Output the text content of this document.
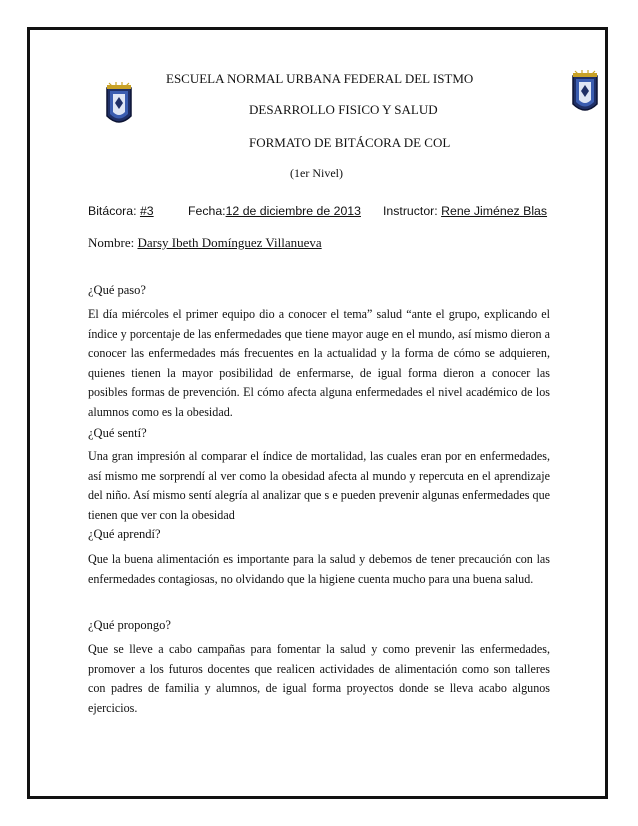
ESCUELA NORMAL URBANA FEDERAL DEL ISTMO
DESARROLLO FISICO Y SALUD
FORMATO DE BITÁCORA DE COL
(1er Nivel)
Bitácora: #3	Fecha:12 de diciembre de 2013 Instructor: Rene Jiménez Blas
Nombre: Darsy Ibeth Domínguez Villanueva
¿Qué paso?

El día miércoles el primer equipo dio a conocer el tema” salud “ante el grupo, explicando el índice y porcentaje de las enfermedades que tiene mayor auge en el mundo, así mismo dieron a conocer las enfermedades más frecuentes en la actualidad y la forma de cómo se adquieren, quienes tienen la mayor posibilidad de enfermarse, de igual forma dieron a conocer las posibles formas de prevención. El cómo afecta alguna enfermedades el nivel académico de los alumnos como es la obesidad.

¿Qué sentí?

Una gran impresión al comparar el índice de mortalidad, las cuales eran por en enfermedades, así mismo me sorprendí al ver como la obesidad afecta al mundo y repercuta en el aprendizaje del niño. Así mismo sentí alegría al analizar que s e pueden prevenir algunas enfermedades que tienen que ver con la obesidad

¿Qué aprendí?

Que la buena alimentación es importante para la salud y debemos de tener precaución con las enfermedades contagiosas, no olvidando que la higiene cuenta mucho para una buena salud.

¿Qué propongo?

Que se lleve a cabo campañas para fomentar la salud y como prevenir las enfermedades, promover a los futuros docentes que realicen actividades de alimentación como son talleres con padres de familia y alumnos, de igual forma proyectos donde se lleva acabo algunos ejercicios.
